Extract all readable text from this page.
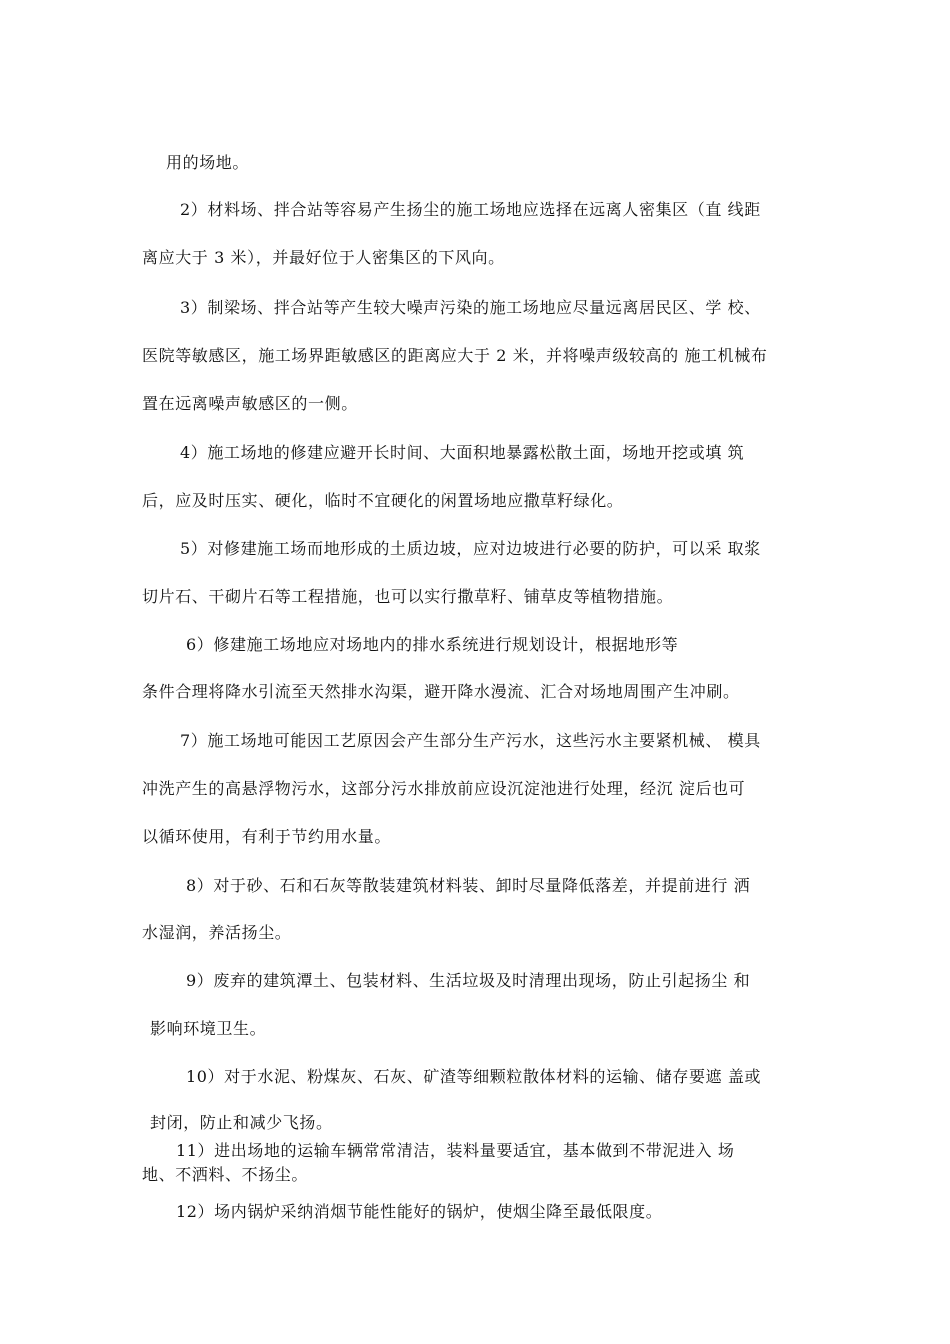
用的场地。
2）材料场、拌合站等容易产生扬尘的施工场地应选择在远离人密集区（直 线距
离应大于 3 米），并最好位于人密集区的下风向。
3）制梁场、拌合站等产生较大噪声污染的施工场地应尽量远离居民区、学 校、
医院等敏感区，施工场界距敏感区的距离应大于 2 米，并将噪声级较高的 施工机械布
置在远离噪声敏感区的一侧。
4）施工场地的修建应避开长时间、大面积地暴露松散土面，场地开挖或填 筑
后，应及时压实、硬化，临时不宜硬化的闲置场地应撒草籽绿化。
5）对修建施工场而地形成的土质边坡，应对边坡进行必要的防护，可以采 取浆
切片石、干砌片石等工程措施，也可以实行撒草籽、铺草皮等植物措施。
6）修建施工场地应对场地内的排水系统进行规划设计，根据地形等
条件合理将降水引流至天然排水沟渠，避开降水漫流、汇合对场地周围产生冲刷。
7）施工场地可能因工艺原因会产生部分生产污水，这些污水主要紧机械、 模具
冲洗产生的高悬浮物污水，这部分污水排放前应设沉淀池进行处理，经沉 淀后也可
以循环使用，有利于节约用水量。
8）对于砂、石和石灰等散装建筑材料装、卸时尽量降低落差，并提前进行 洒
水湿润，养活扬尘。
9）废弃的建筑潭土、包装材料、生活垃圾及时清理出现场，防止引起扬尘 和
影响环境卫生。
10）对于水泥、粉煤灰、石灰、矿渣等细颗粒散体材料的运输、储存要遮 盖或
封闭，防止和减少飞扬。
11）进出场地的运输车辆常常清洁，装料量要适宜，基本做到不带泥进入 场
地、不洒料、不扬尘。
12）场内锅炉采纳消烟节能性能好的锅炉，使烟尘降至最低限度。
